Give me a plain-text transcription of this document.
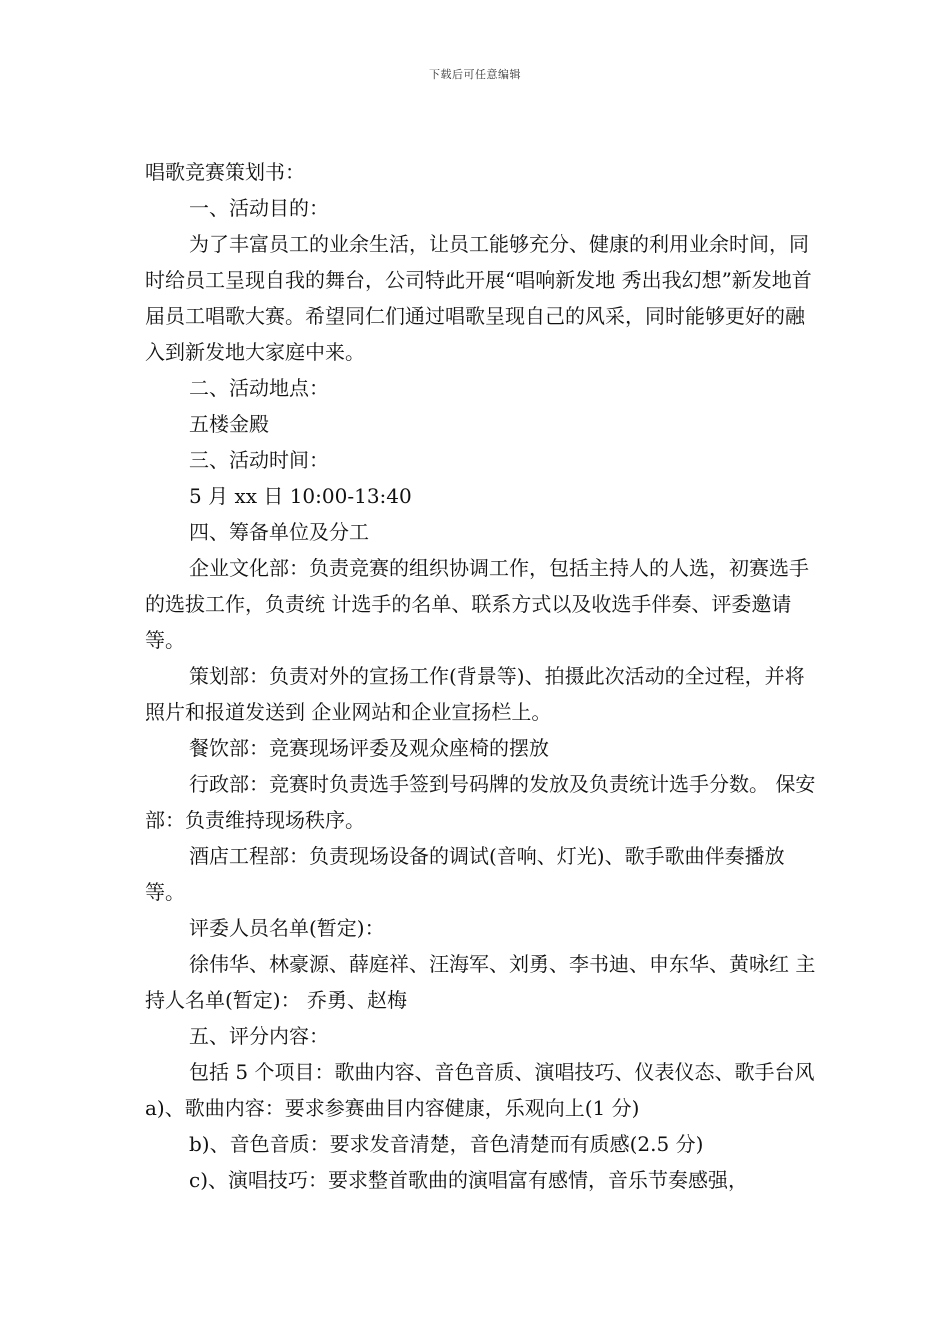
下载后可任意编辑

唱歌竞赛策划书：

一、活动目的：

为了丰富员工的业余生活，让员工能够充分、健康的利用业余时间，同时给员工呈现自我的舞台，公司特此开展“唱响新发地 秀出我幻想”新发地首届员工唱歌大赛。希望同仁们通过唱歌呈现自己的风采，同时能够更好的融入到新发地大家庭中来。

二、活动地点：

五楼金殿

三、活动时间：

5 月 xx 日 10:00-13:40

四、筹备单位及分工

企业文化部：负责竞赛的组织协调工作，包括主持人的人选，初赛选手的选拔工作，负责统 计选手的名单、联系方式以及收选手伴奏、评委邀请等。

策划部：负责对外的宣扬工作(背景等)、拍摄此次活动的全过程，并将照片和报道发送到 企业网站和企业宣扬栏上。

餐饮部：竞赛现场评委及观众座椅的摆放

行政部：竞赛时负责选手签到号码牌的发放及负责统计选手分数。 保安部：负责维持现场秩序。

酒店工程部：负责现场设备的调试(音响、灯光)、歌手歌曲伴奏播放等。

评委人员名单(暂定)：

徐伟华、林豪源、薛庭祥、汪海军、刘勇、李书迪、申东华、黄咏红 主持人名单(暂定)： 乔勇、赵梅

五、评分内容：

包括 5 个项目：歌曲内容、音色音质、演唱技巧、仪表仪态、歌手台风 a)、歌曲内容：要求参赛曲目内容健康，乐观向上(1 分)

b)、音色音质：要求发音清楚，音色清楚而有质感(2.5 分)

c)、演唱技巧：要求整首歌曲的演唱富有感情，音乐节奏感强，
